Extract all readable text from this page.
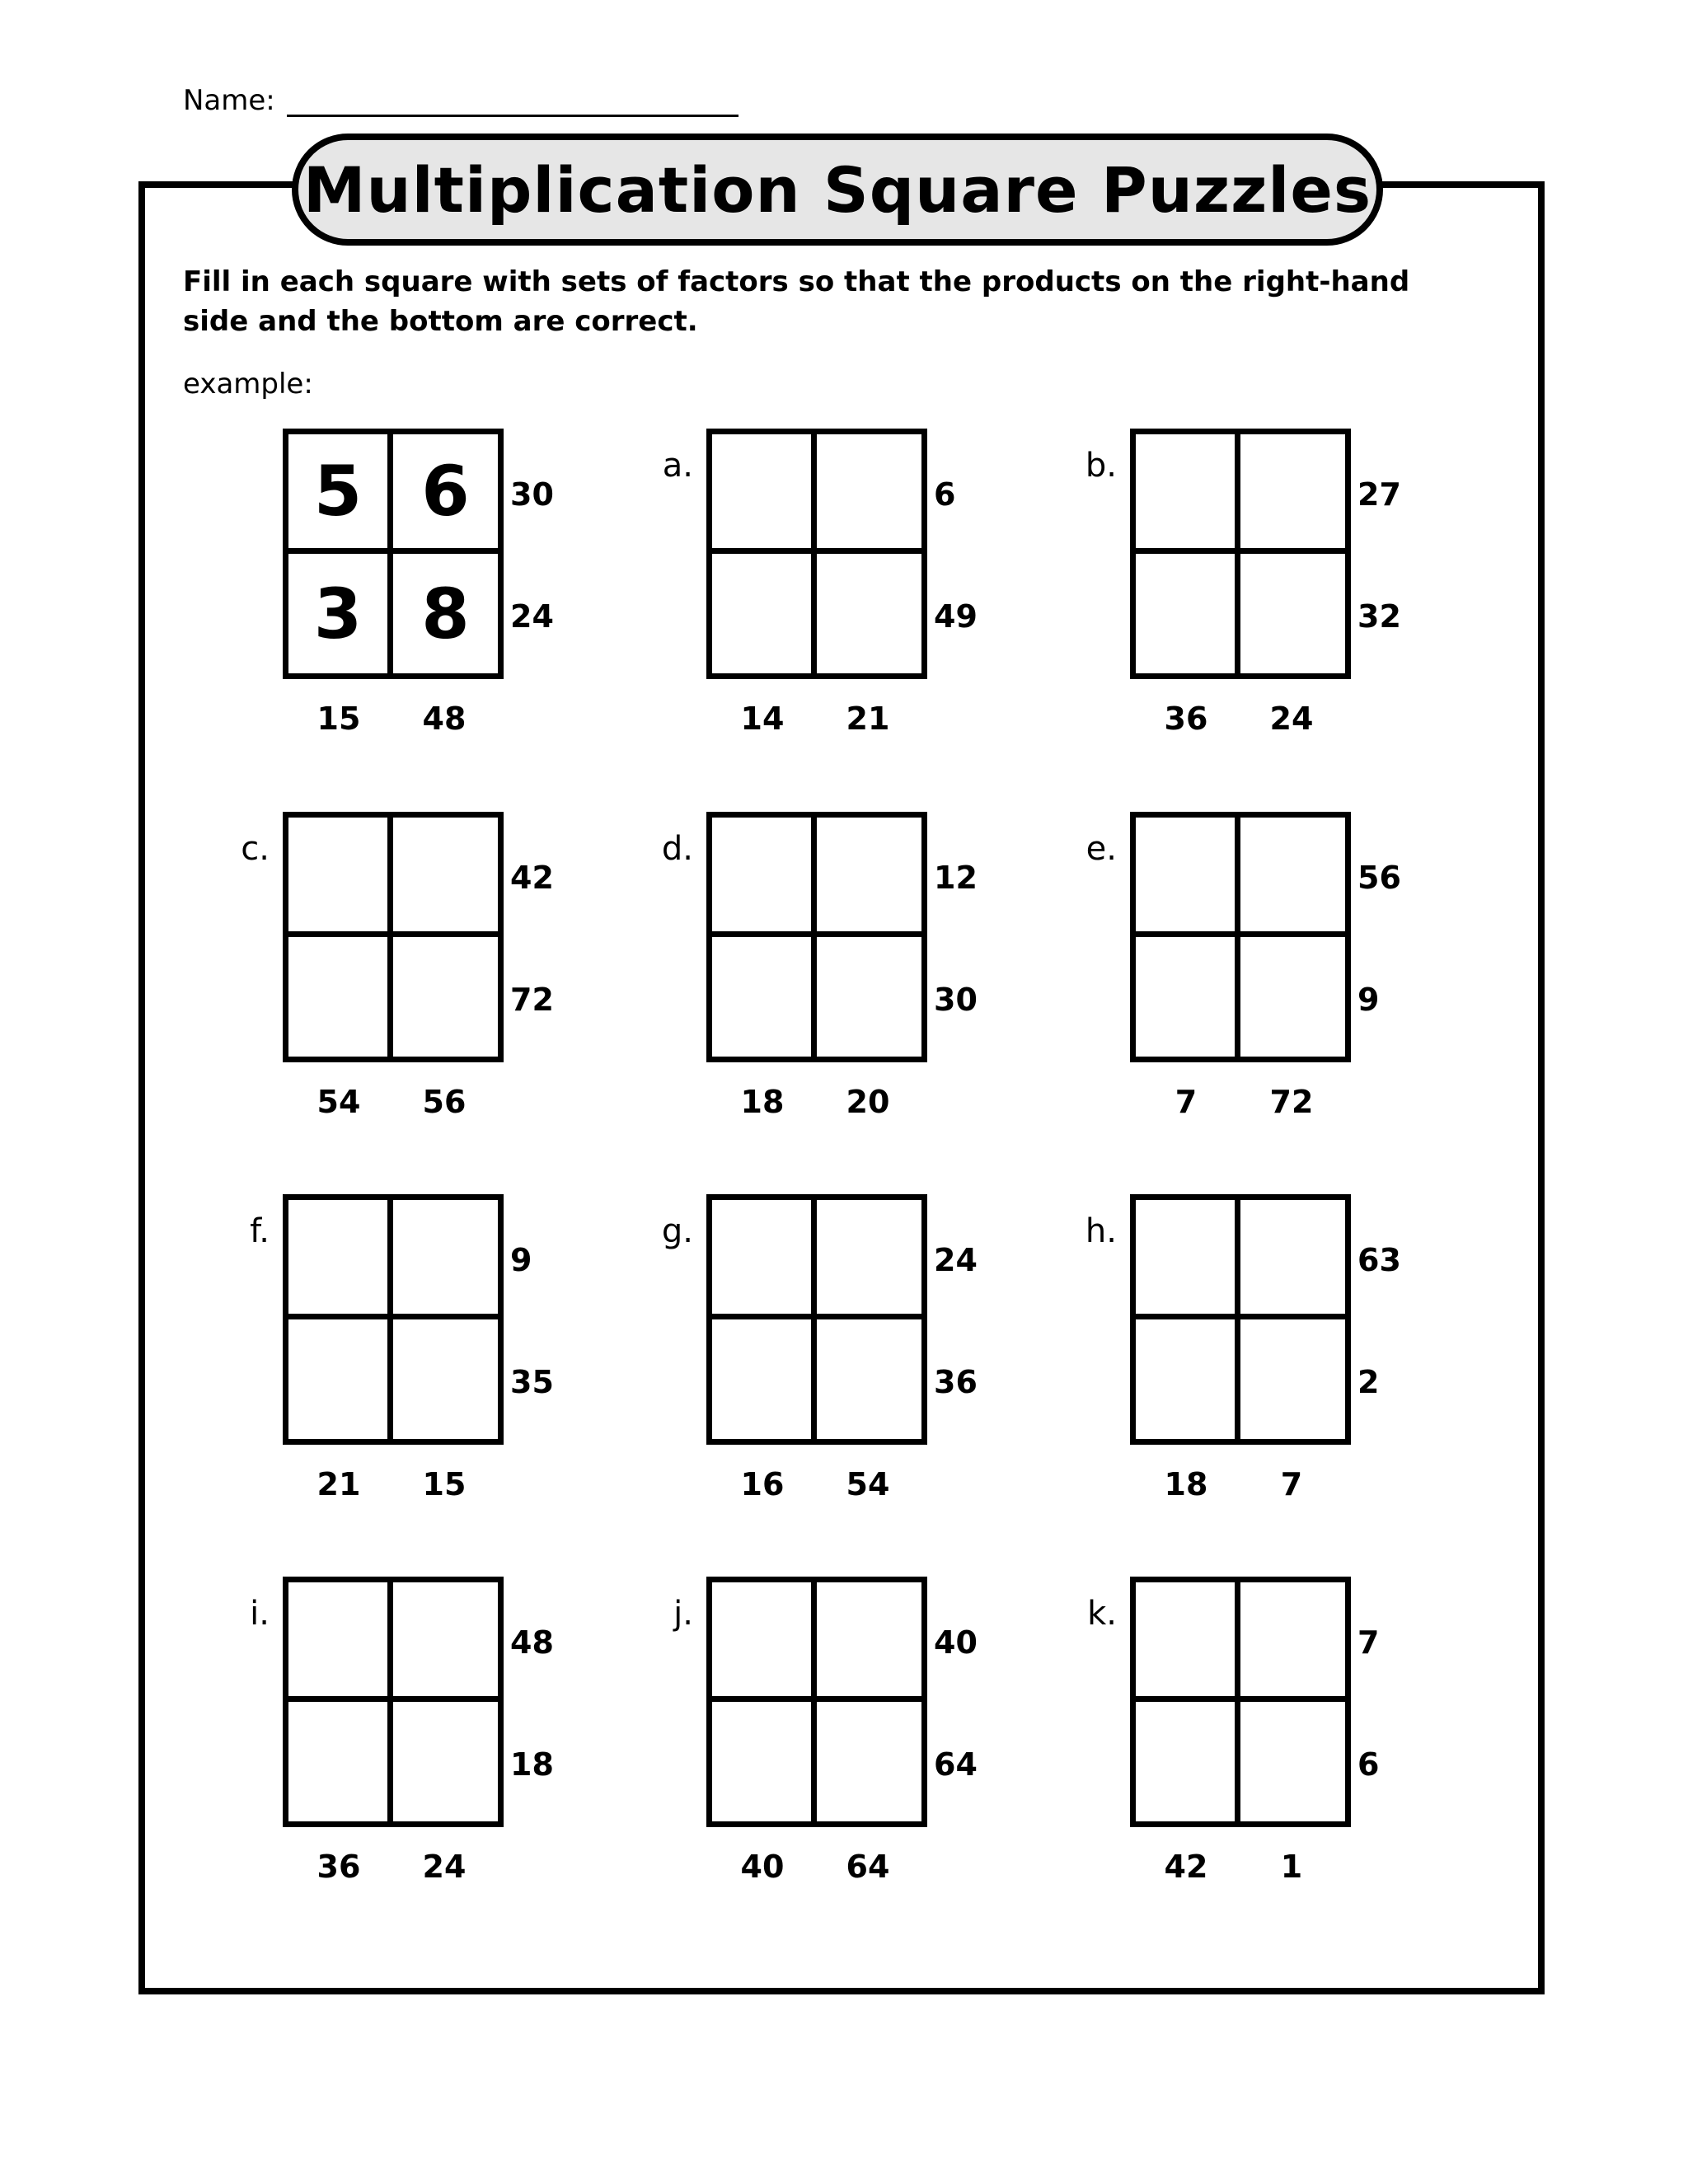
Name:
Multiplication Square Puzzles
Fill in each square with sets of factors so that the products on the right-hand side and the bottom are correct.
example:
5 6
3 8
30
24
15	48
a.
6
49
14	21
b.
27
32
36	24
c.
42
72
54	56
d.
12
30
18	20
e.
56
9
7	72
f.
9
35
21	15
g.
24
36
16	54
h.
63
2
18	7
i.
48
18
36	24
j.
40
64
40	64
k.
7
6
42	1
